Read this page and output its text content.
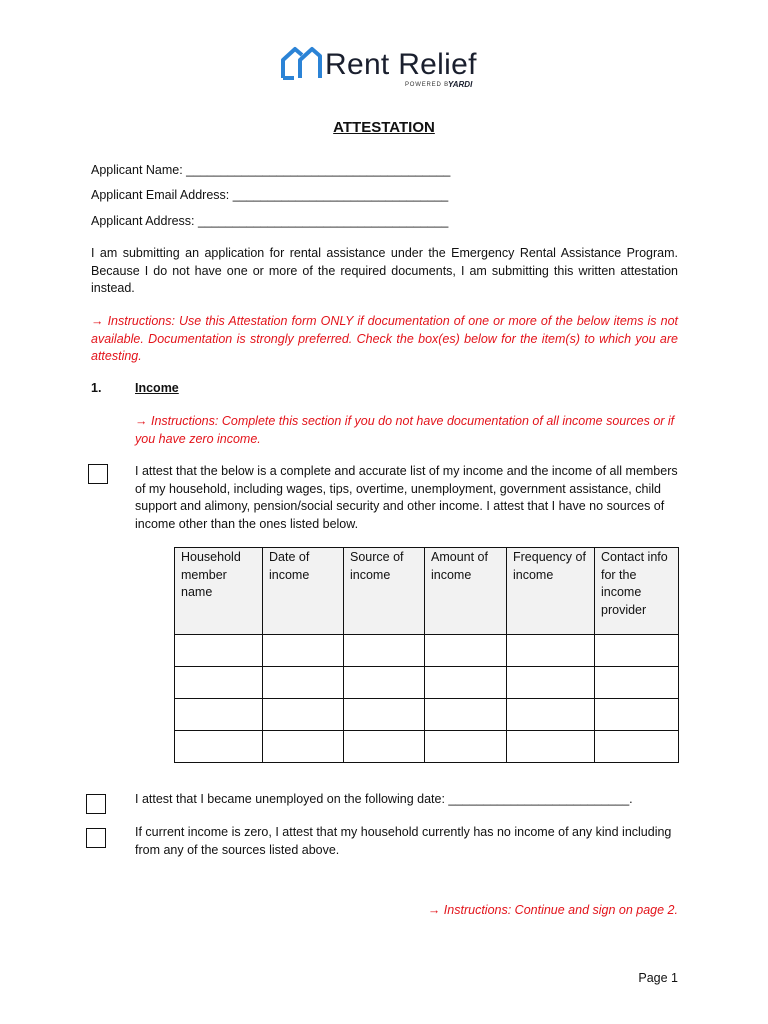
Rent Relief
POWERED BY
YARDI
ATTESTATION
Applicant Name: ______________________________________
Applicant Email Address: _______________________________
Applicant Address: ____________________________________
I am submitting an application for rental assistance under the Emergency Rental Assistance Program. Because I do not have one or more of the required documents, I am submitting this written attestation instead.
→ Instructions: Use this Attestation form ONLY if documentation of one or more of the below items is not available. Documentation is strongly preferred. Check the box(es) below for the item(s) to which you are attesting.
1.	Income
→ Instructions: Complete this section if you do not have documentation of all income sources or if you have zero income.
I attest that the below is a complete and accurate list of my income and the income of all members of my household, including wages, tips, overtime, unemployment, government assistance, child support and alimony, pension/social security and other income. I attest that I have no sources of income other than the ones listed below.
Household member name	Date of income	Source of income	Amount of income	Frequency of income	Contact info for the income provider

I attest that I became unemployed on the following date: __________________________.
If current income is zero, I attest that my household currently has no income of any kind including from any of the sources listed above.
→ Instructions: Continue and sign on page 2.
Page 1
